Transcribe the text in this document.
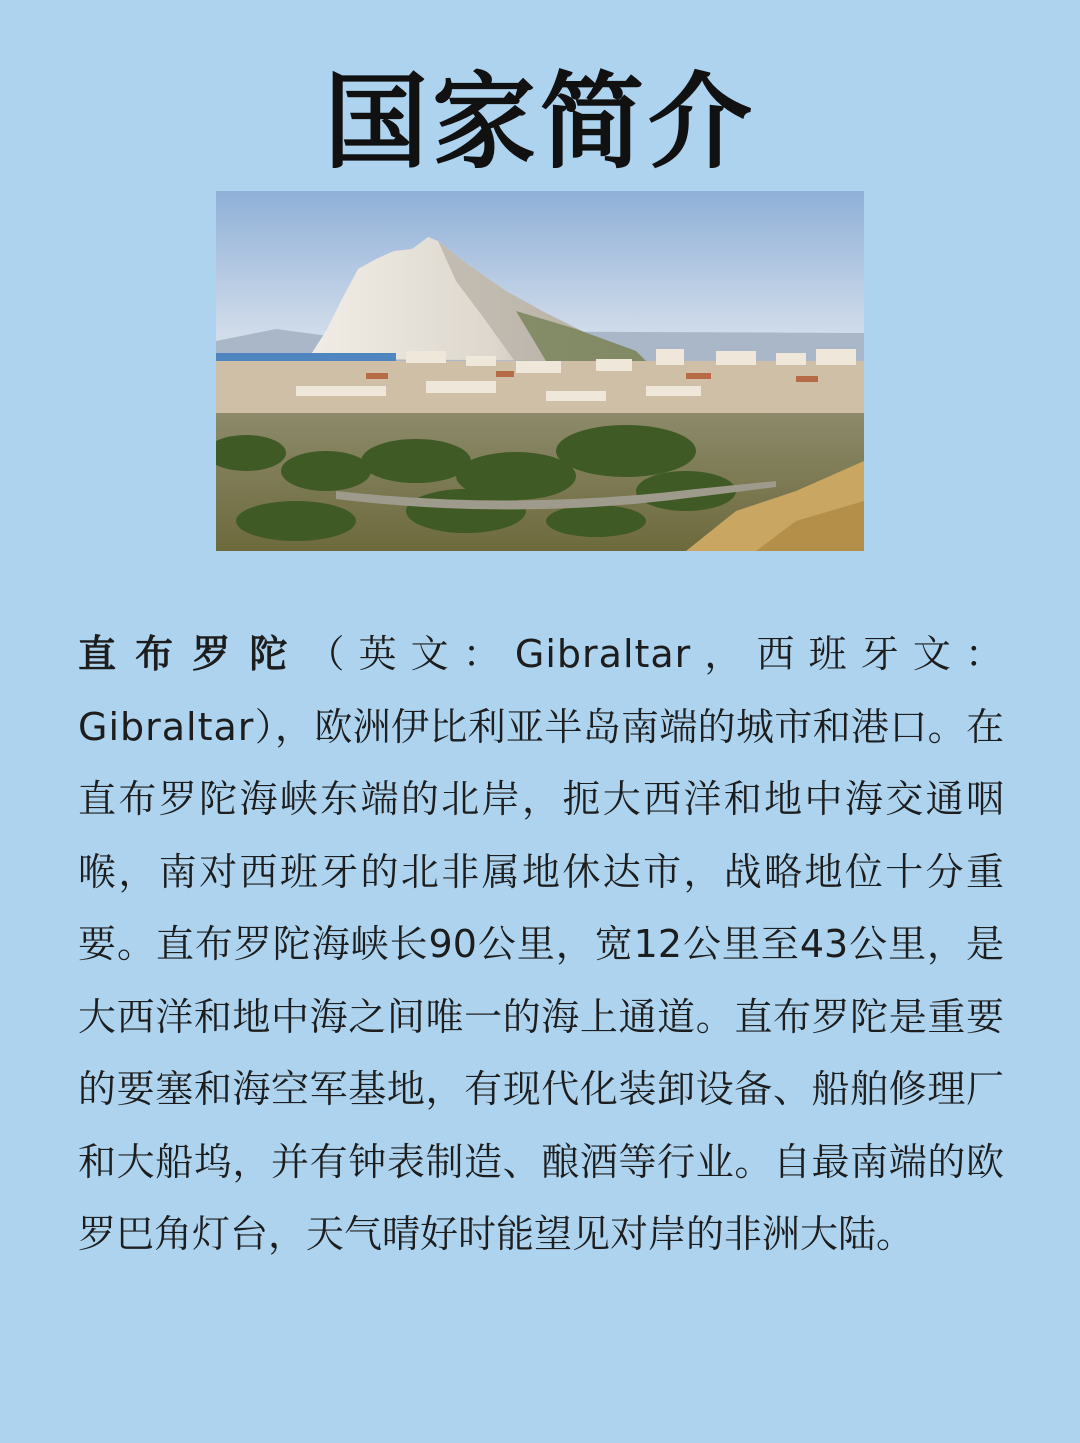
国家简介

直布罗陀（英文：Gibraltar，西班牙文：Gibraltar），欧洲伊比利亚半岛南端的城市和港口。在直布罗陀海峡东端的北岸，扼大西洋和地中海交通咽喉，南对西班牙的北非属地休达市，战略地位十分重要。直布罗陀海峡长90公里，宽12公里至43公里，是大西洋和地中海之间唯一的海上通道。直布罗陀是重要的要塞和海空军基地，有现代化装卸设备、船舶修理厂和大船坞，并有钟表制造、酿酒等行业。自最南端的欧罗巴角灯台，天气晴好时能望见对岸的非洲大陆。
